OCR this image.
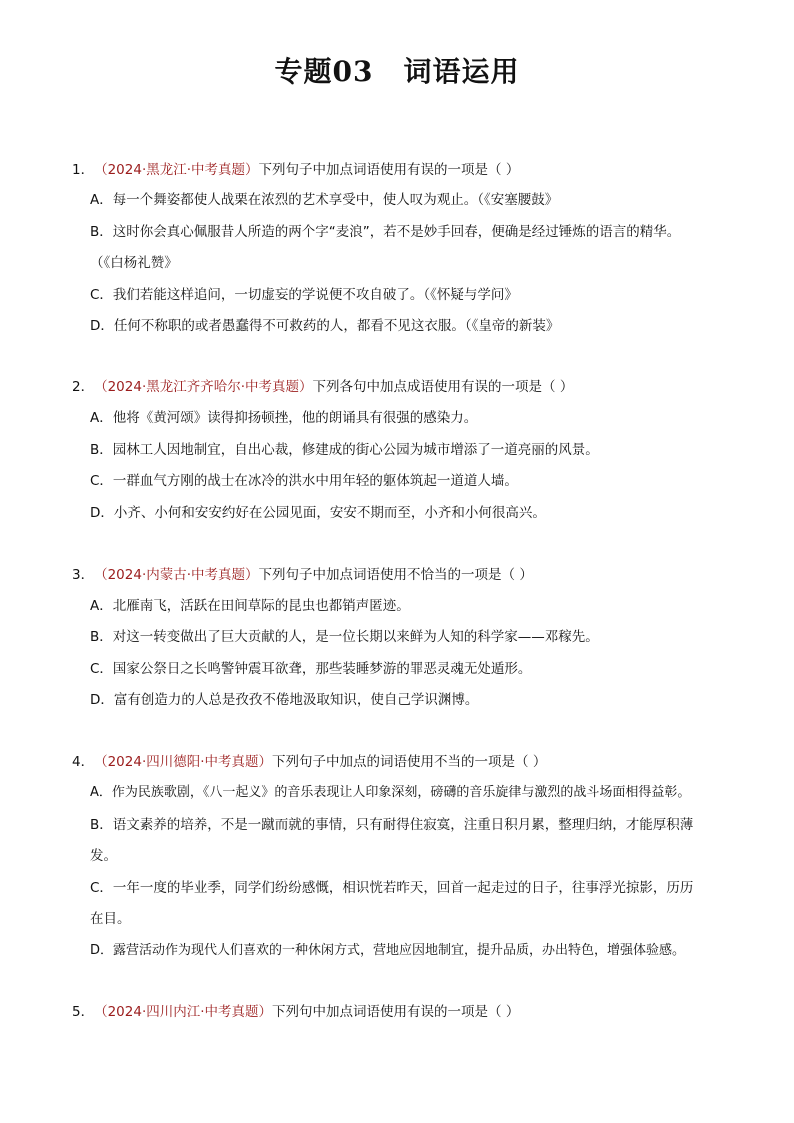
专题03 词语运用
1．（2024·黑龙江·中考真题）下列句子中加点词语使用有误的一项是（ ）
A．每一个舞姿都使人战栗在浓烈的艺术享受中，使人叹为观止。（《安塞腰鼓》
B．这时你会真心佩服昔人所造的两个字“麦浪”，若不是妙手回春，便确是经过锤炼的语言的精华。
（《白杨礼赞》
C．我们若能这样追问，一切虚妄的学说便不攻自破了。（《怀疑与学问》
D．任何不称职的或者愚蠢得不可救药的人，都看不见这衣服。（《皇帝的新装》
2．（2024·黑龙江齐齐哈尔·中考真题）下列各句中加点成语使用有误的一项是（ ）
A．他将《黄河颂》读得抑扬顿挫，他的朗诵具有很强的感染力。
B．园林工人因地制宜，自出心裁，修建成的街心公园为城市增添了一道亮丽的风景。
C．一群血气方刚的战士在冰冷的洪水中用年轻的躯体筑起一道道人墙。
D．小齐、小何和安安约好在公园见面，安安不期而至，小齐和小何很高兴。
3．（2024·内蒙古·中考真题）下列句子中加点词语使用不恰当的一项是（ ）
A．北雁南飞，活跃在田间草际的昆虫也都销声匿迹。
B．对这一转变做出了巨大贡献的人，是一位长期以来鲜为人知的科学家——邓稼先。
C．国家公祭日之长鸣警钟震耳欲聋，那些装睡梦游的罪恶灵魂无处遁形。
D．富有创造力的人总是孜孜不倦地汲取知识，使自己学识渊博。
4．（2024·四川德阳·中考真题）下列句子中加点的词语使用不当的一项是（ ）
A．作为民族歌剧，《八一起义》的音乐表现让人印象深刻，磅礴的音乐旋律与激烈的战斗场面相得益彰。
B．语文素养的培养，不是一蹴而就的事情，只有耐得住寂寞，注重日积月累，整理归纳，才能厚积薄
发。
C．一年一度的毕业季，同学们纷纷感慨，相识恍若昨天，回首一起走过的日子，往事浮光掠影，历历
在目。
D．露营活动作为现代人们喜欢的一种休闲方式，营地应因地制宜，提升品质，办出特色，增强体验感。
5．（2024·四川内江·中考真题）下列句中加点词语使用有误的一项是（ ）
